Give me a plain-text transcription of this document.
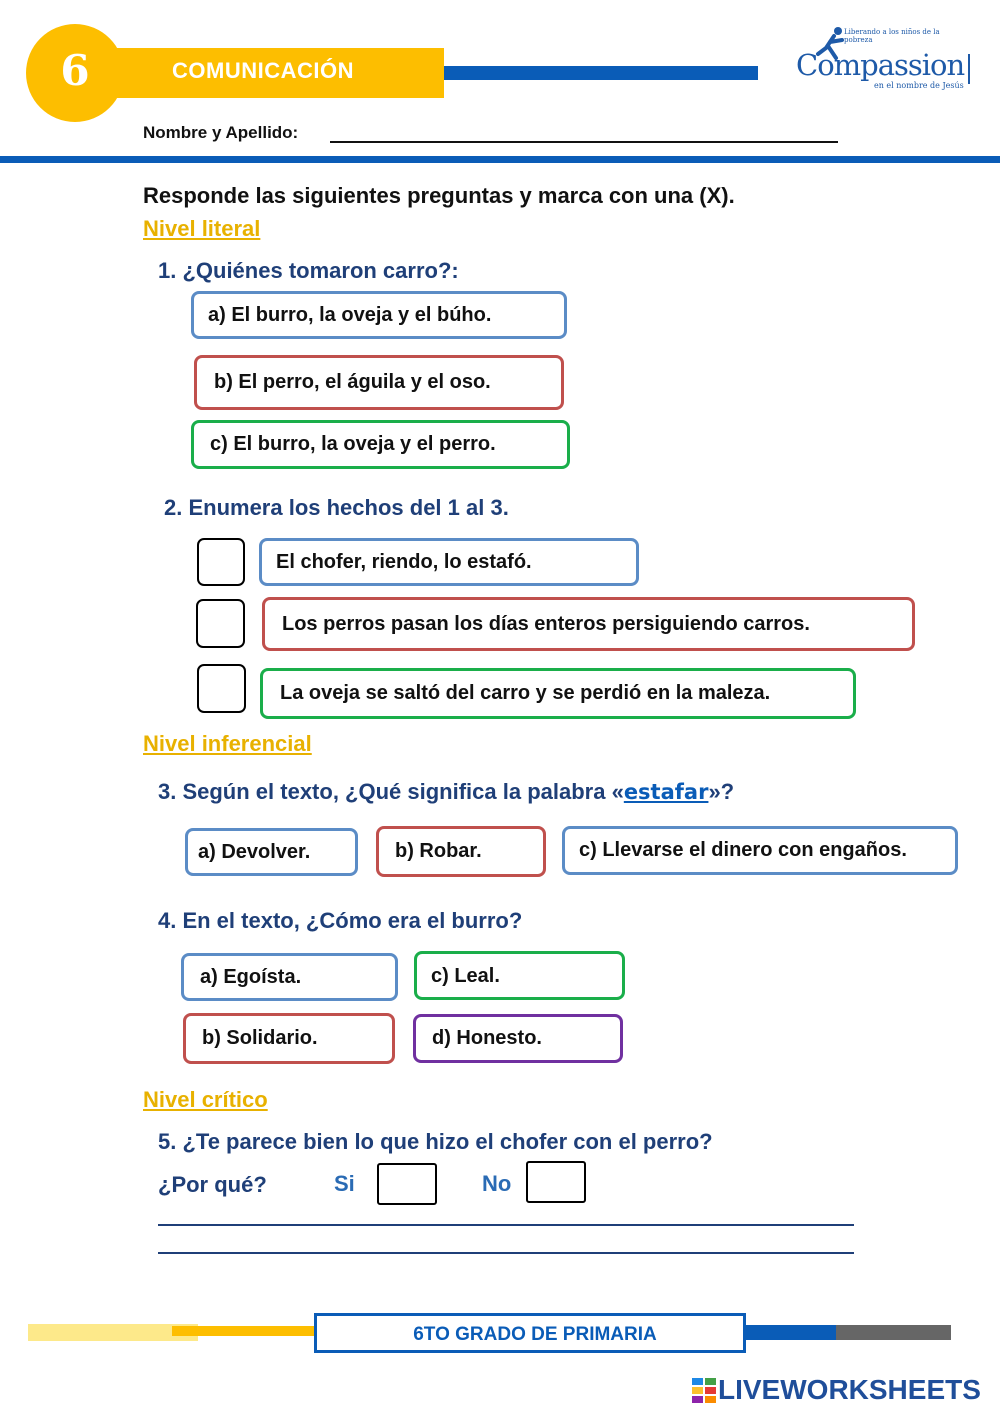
6	COMUNICACIÓN
Liberando a los niños de la pobreza
Compassion
en el nombre de Jesús
Nombre y Apellido:
Responde las siguientes preguntas y marca con una (X).
Nivel literal
1. ¿Quiénes tomaron carro?:
a) El burro, la oveja y el búho.
b) El perro, el águila y el oso.
c) El burro, la oveja y el perro.
2. Enumera los hechos del 1 al 3.
El chofer, riendo, lo estafó.
Los perros pasan los días enteros persiguiendo carros.
La oveja se saltó del carro y se perdió en la maleza.
Nivel inferencial
3. Según el texto, ¿Qué significa la palabra «estafar»?
a) Devolver.	b) Robar.	c) Llevarse el dinero con engaños.
4. En el texto, ¿Cómo era el burro?
a) Egoísta.	c) Leal.
b) Solidario.	d) Honesto.
Nivel crítico
5. ¿Te parece bien lo que hizo el chofer con el perro?
¿Por qué?	Si	No
6TO GRADO DE PRIMARIA
LIVEWORKSHEETS
